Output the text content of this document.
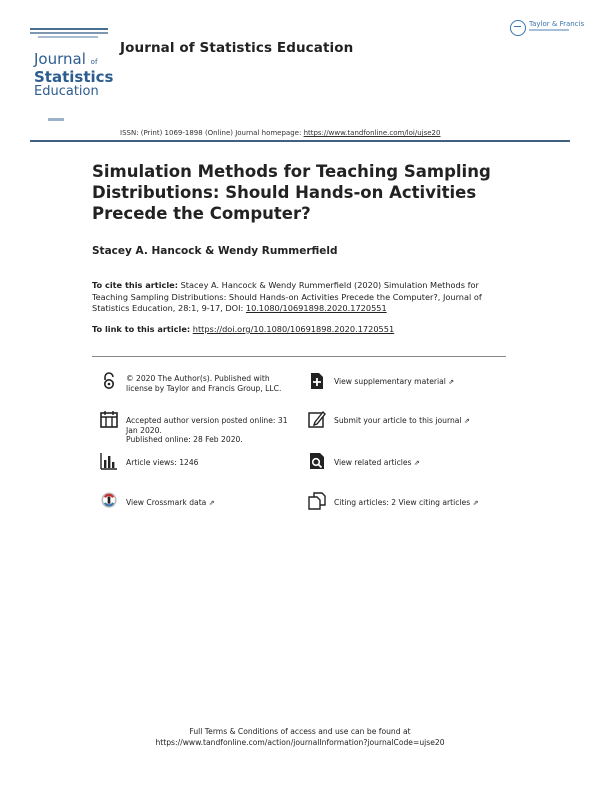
Journal of
Statistics
Education
Journal of Statistics Education
Taylor & Francis
ISSN: (Print) 1069-1898 (Online) Journal homepage: https://www.tandfonline.com/loi/ujse20
Simulation Methods for Teaching Sampling Distributions: Should Hands-on Activities Precede the Computer?
Stacey A. Hancock & Wendy Rummerfield
To cite this article: Stacey A. Hancock & Wendy Rummerfield (2020) Simulation Methods for Teaching Sampling Distributions: Should Hands-on Activities Precede the Computer?, Journal of Statistics Education, 28:1, 9-17, DOI: 10.1080/10691898.2020.1720551
To link to this article: https://doi.org/10.1080/10691898.2020.1720551
© 2020 The Author(s). Published with license by Taylor and Francis Group, LLC.
View supplementary material ⇗
Accepted author version posted online: 31 Jan 2020.
Published online: 28 Feb 2020.
Submit your article to this journal ⇗
Article views: 1246	View related articles ⇗
View Crossmark data ⇗	Citing articles: 2 View citing articles ⇗
Full Terms & Conditions of access and use can be found at
https://www.tandfonline.com/action/journalInformation?journalCode=ujse20
